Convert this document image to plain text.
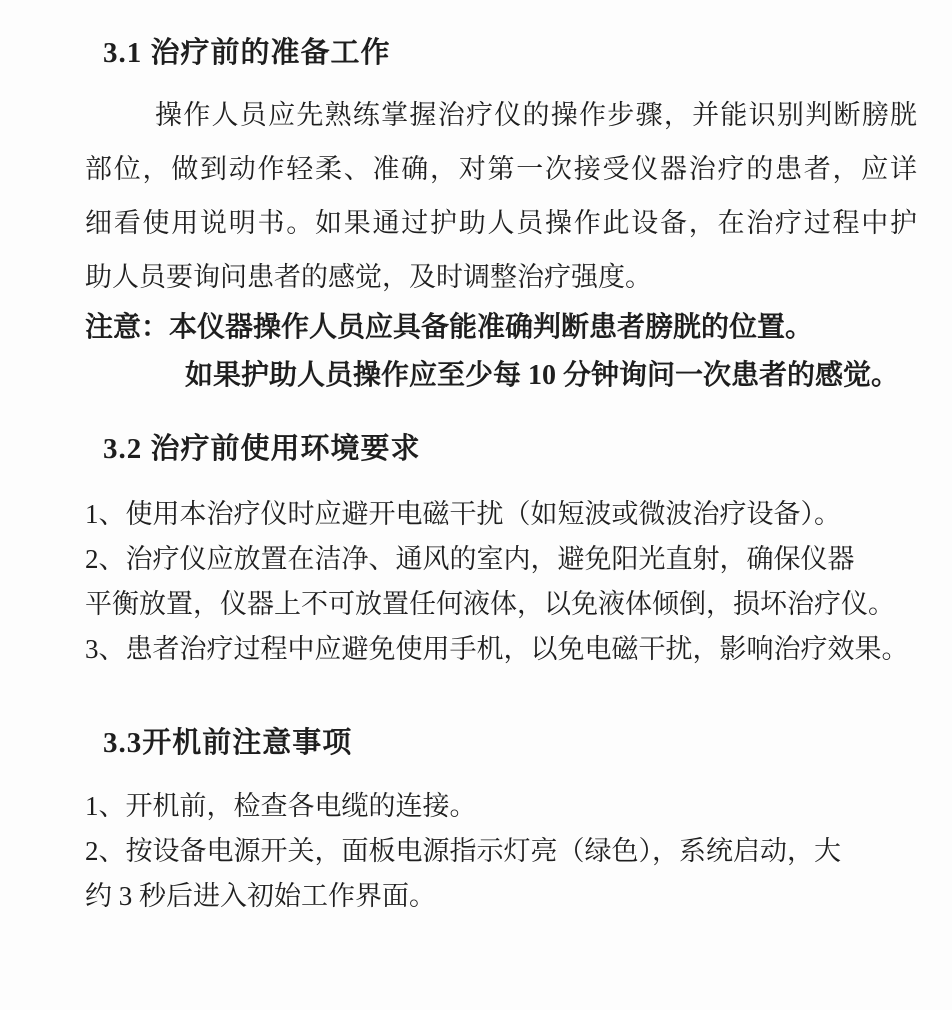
3.1 治疗前的准备工作
操作人员应先熟练掌握治疗仪的操作步骤，并能识别判断膀胱
部位，做到动作轻柔、准确，对第一次接受仪器治疗的患者，应详
细看使用说明书。如果通过护助人员操作此设备，在治疗过程中护
助人员要询问患者的感觉，及时调整治疗强度。
注意：本仪器操作人员应具备能准确判断患者膀胱的位置。
如果护助人员操作应至少每 10 分钟询问一次患者的感觉。
3.2 治疗前使用环境要求
1、使用本治疗仪时应避开电磁干扰（如短波或微波治疗设备）。
2、治疗仪应放置在洁净、通风的室内，避免阳光直射，确保仪器
平衡放置，仪器上不可放置任何液体，以免液体倾倒，损坏治疗仪。
3、患者治疗过程中应避免使用手机，以免电磁干扰，影响治疗效果。
3.3开机前注意事项
1、开机前，检查各电缆的连接。
2、按设备电源开关，面板电源指示灯亮（绿色），系统启动，大
约 3 秒后进入初始工作界面。
